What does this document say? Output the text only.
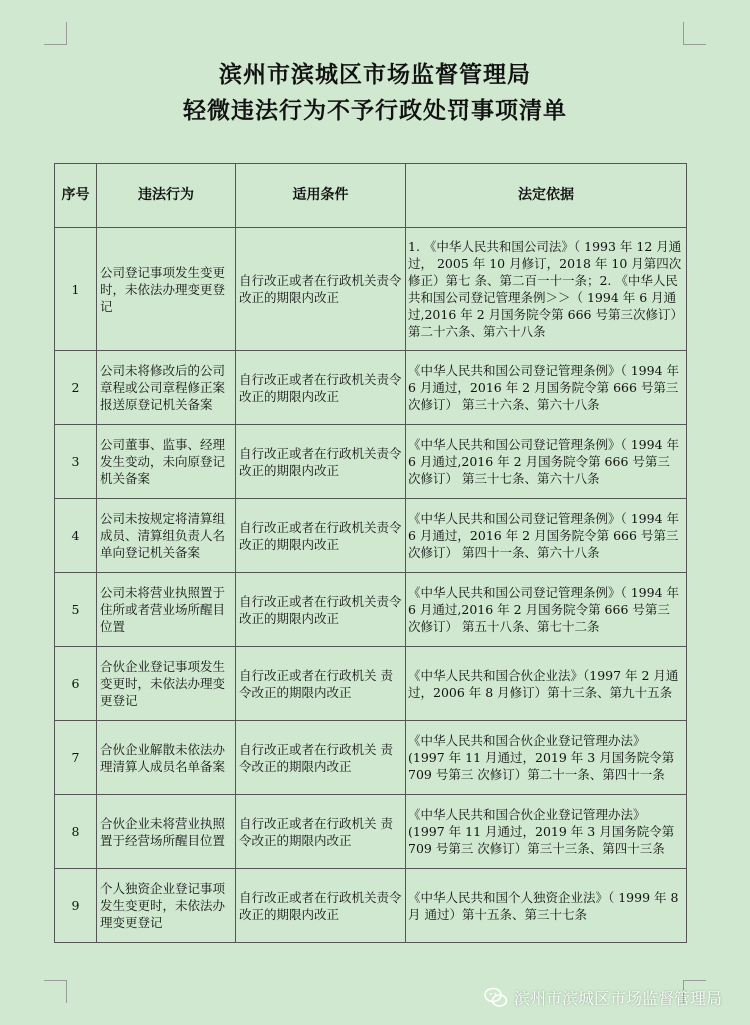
滨州市滨城区市场监督管理局
轻微违法行为不予行政处罚事项清单
序号	违法行为	适用条件	法定依据
1	公司登记事项发生变更时，未依法办理变更登记	自行改正或者在行政机关责令改正的期限内改正	1. 《中华人民共和国公司法》（ 1993 年 12 月通过， 2005 年 10 月修订，2018 年 10 月第四次修正）第七 条、第二百一十一条；2. 《中华人民共和国公司登记管理条例＞＞（ 1994 年 6 月通过,2016 年 2 月国务院令第 666 号第三次修订）第二十六条、第六十八条
2	公司未将修改后的公司章程或公司章程修正案报送原登记机关备案	自行改正或者在行政机关责令改正的期限内改正	《中华人民共和国公司登记管理条例》（ 1994 年 6 月通过，2016 年 2 月国务院令第 666 号第三次修订） 第三十六条、第六十八条
3	公司董事、监事、经理发生变动，未向原登记机关备案	自行改正或者在行政机关责令改正的期限内改正	《中华人民共和国公司登记管理条例》（ 1994 年 6 月通过,2016 年 2 月国务院令第 666 号第三次修订） 第三十七条、第六十八条
4	公司未按规定将清算组成员、清算组负责人名单向登记机关备案	自行改正或者在行政机关责令改正的期限内改正	《中华人民共和国公司登记管理条例》（ 1994 年 6 月通过，2016 年 2 月国务院令第 666 号第三次修订） 第四十一条、第六十八条
5	公司未将营业执照置于住所或者营业场所醒目位置	自行改正或者在行政机关责令改正的期限内改正	《中华人民共和国公司登记管理条例》（ 1994 年 6 月通过,2016 年 2 月国务院令第 666 号第三次修订） 第五十八条、第七十二条
6	合伙企业登记事项发生变更时，未依法办理变更登记	自行改正或者在行政机关 责令改正的期限内改正	《中华人民共和国合伙企业法》（1997 年 2 月通过，2006 年 8 月修订）第十三条、第九十五条
7	合伙企业解散未依法办理清算人成员名单备案	自行改正或者在行政机关 责令改正的期限内改正	《中华人民共和国合伙企业登记管理办法》(1997 年 11 月通过，2019 年 3 月国务院令第 709 号第三 次修订）第二十一条、第四十一条
8	合伙企业未将营业执照置于经营场所醒目位置	自行改正或者在行政机关 责令改正的期限内改正	《中华人民共和国合伙企业登记管理办法》(1997 年 11 月通过，2019 年 3 月国务院令第 709 号第三 次修订）第三十三条、第四十三条
9	个人独资企业登记事项发生变更时，未依法办理变更登记	自行改正或者在行政机关责令改正的期限内改正	《中华人民共和国个人独资企业法》（ 1999 年 8 月 通过）第十五条、第三十七条
滨州市滨城区市场监督管理局
